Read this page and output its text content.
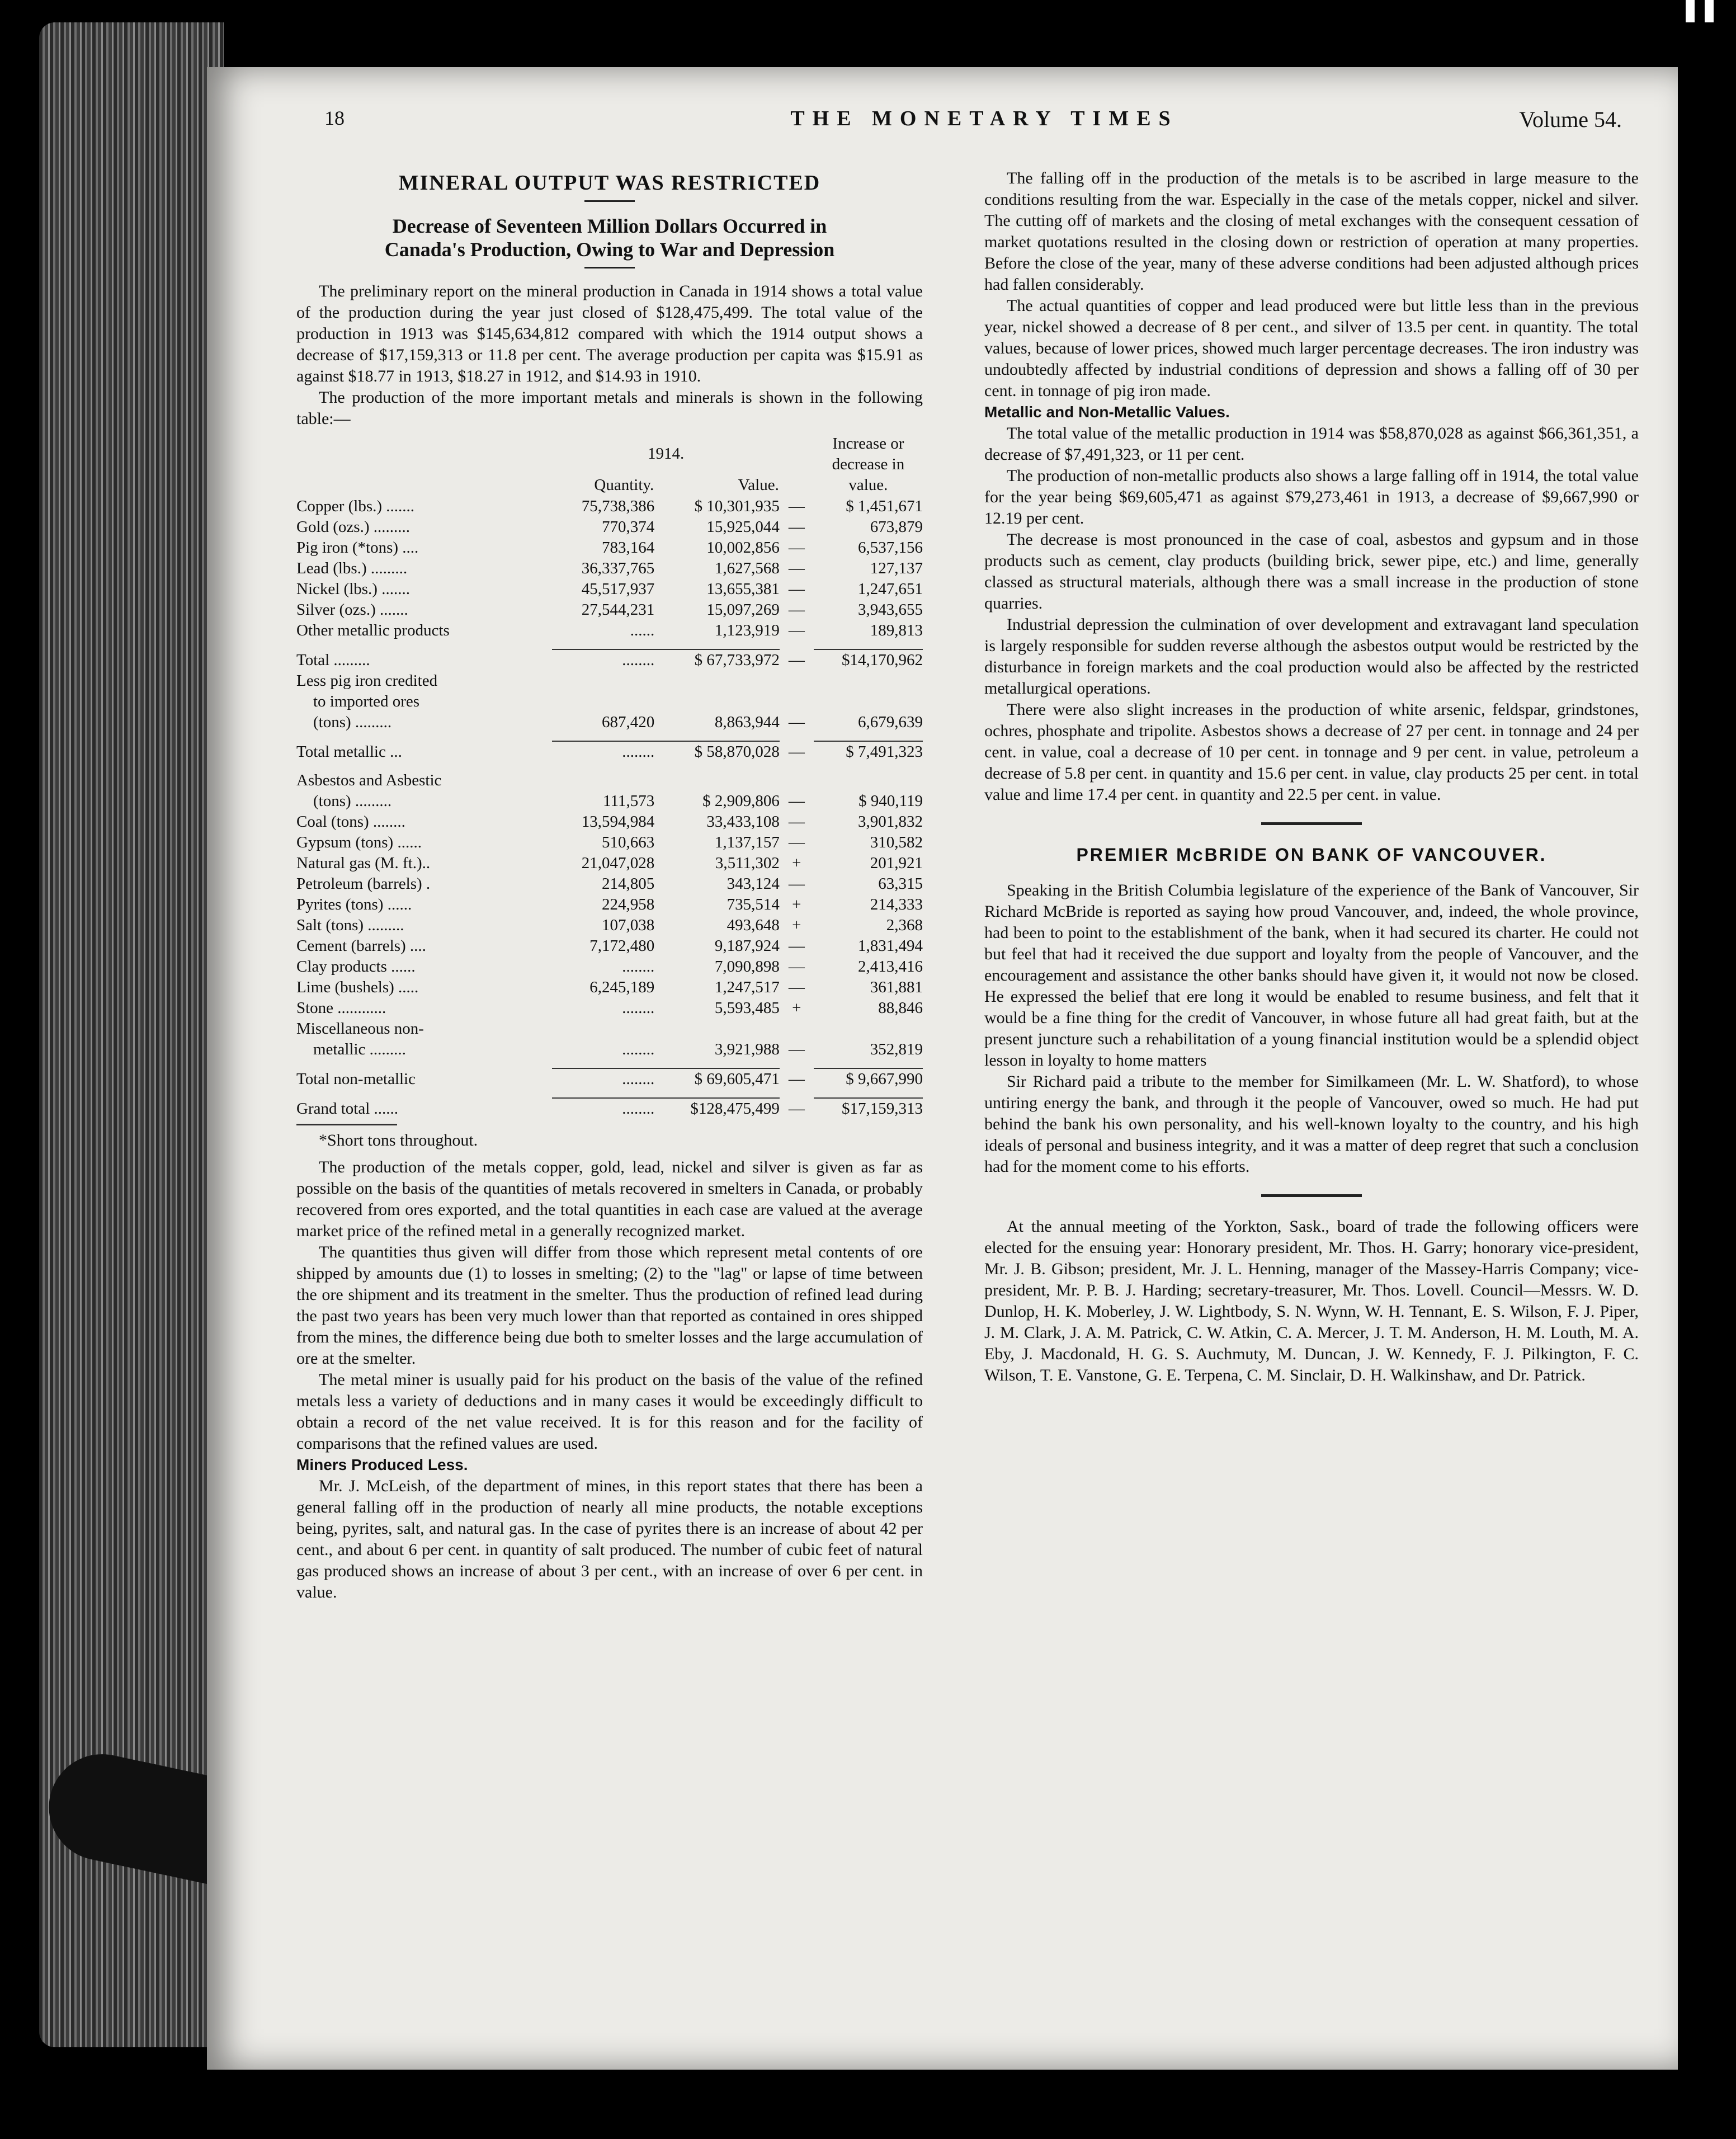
18	THE MONETARY TIMES	Volume 54.
MINERAL OUTPUT WAS RESTRICTED
Decrease of Seventeen Million Dollars Occurred in
Canada's Production, Owing to War and Depression

The preliminary report on the mineral production in Canada in 1914 shows a total value of the production during the year just closed of $128,475,499. The total value of the production in 1913 was $145,634,812 compared with which the 1914 output shows a decrease of $17,159,313 or 11.8 per cent. The average production per capita was $15.91 as against $18.77 in 1913, $18.27 in 1912, and $14.93 in 1910.

The production of the more important metals and minerals is shown in the following table:—

	1914.			Increase or decrease in value.
	Quantity.	Value.		
Copper (lbs.) .......	75,738,386	$ 10,301,935	—	$ 1,451,671
Gold (ozs.) .........	770,374	15,925,044	—	673,879
Pig iron (*tons) ....	783,164	10,002,856	—	6,537,156
Lead (lbs.) .........	36,337,765	1,627,568	—	127,137
Nickel (lbs.) .......	45,517,937	13,655,381	—	1,247,651
Silver (ozs.) .......	27,544,231	15,097,269	—	3,943,655
Other metallic products	......	1,123,919	—	189,813

Total .........	........	$ 67,733,972	—	$14,170,962
Less pig iron credited				
to imported ores				
(tons) .........	687,420	8,863,944	—	6,679,639

Total metallic ...	........	$ 58,870,028	—	$ 7,491,323

Asbestos and Asbestic				
(tons) .........	111,573	$ 2,909,806	—	$ 940,119
Coal (tons) ........	13,594,984	33,433,108	—	3,901,832
Gypsum (tons) ......	510,663	1,137,157	—	310,582
Natural gas (M. ft.)..	21,047,028	3,511,302	+	201,921
Petroleum (barrels) .	214,805	343,124	—	63,315
Pyrites (tons) ......	224,958	735,514	+	214,333
Salt (tons) .........	107,038	493,648	+	2,368
Cement (barrels) ....	7,172,480	9,187,924	—	1,831,494
Clay products ......	........	7,090,898	—	2,413,416
Lime (bushels) .....	6,245,189	1,247,517	—	361,881
Stone ............	........	5,593,485	+	88,846
Miscellaneous non-				
metallic .........	........	3,921,988	—	352,819

Total non-metallic	........	$ 69,605,471	—	$ 9,667,990

Grand total ......	........	$128,475,499	—	$17,159,313
*Short tons throughout.

The production of the metals copper, gold, lead, nickel and silver is given as far as possible on the basis of the quantities of metals recovered in smelters in Canada, or probably recovered from ores exported, and the total quantities in each case are valued at the average market price of the refined metal in a generally recognized market.

The quantities thus given will differ from those which represent metal contents of ore shipped by amounts due (1) to losses in smelting; (2) to the "lag" or lapse of time between the ore shipment and its treatment in the smelter. Thus the production of refined lead during the past two years has been very much lower than that reported as contained in ores shipped from the mines, the difference being due both to smelter losses and the large accumulation of ore at the smelter.

The metal miner is usually paid for his product on the basis of the value of the refined metals less a variety of deductions and in many cases it would be exceedingly difficult to obtain a record of the net value received. It is for this reason and for the facility of comparisons that the refined values are used.

Miners Produced Less.

Mr. J. McLeish, of the department of mines, in this report states that there has been a general falling off in the production of nearly all mine products, the notable exceptions being, pyrites, salt, and natural gas. In the case of pyrites there is an increase of about 42 per cent., and about 6 per cent. in quantity of salt produced. The number of cubic feet of natural gas produced shows an increase of about 3 per cent., with an increase of over 6 per cent. in value.

The falling off in the production of the metals is to be ascribed in large measure to the conditions resulting from the war. Especially in the case of the metals copper, nickel and silver. The cutting off of markets and the closing of metal exchanges with the consequent cessation of market quotations resulted in the closing down or restriction of operation at many properties. Before the close of the year, many of these adverse conditions had been adjusted although prices had fallen considerably.

The actual quantities of copper and lead produced were but little less than in the previous year, nickel showed a decrease of 8 per cent., and silver of 13.5 per cent. in quantity. The total values, because of lower prices, showed much larger percentage decreases. The iron industry was undoubtedly affected by industrial conditions of depression and shows a falling off of 30 per cent. in tonnage of pig iron made.

Metallic and Non-Metallic Values.

The total value of the metallic production in 1914 was $58,870,028 as against $66,361,351, a decrease of $7,491,323, or 11 per cent.

The production of non-metallic products also shows a large falling off in 1914, the total value for the year being $69,605,471 as against $79,273,461 in 1913, a decrease of $9,667,990 or 12.19 per cent.

The decrease is most pronounced in the case of coal, asbestos and gypsum and in those products such as cement, clay products (building brick, sewer pipe, etc.) and lime, generally classed as structural materials, although there was a small increase in the production of stone quarries.

Industrial depression the culmination of over development and extravagant land speculation is largely responsible for sudden reverse although the asbestos output would be restricted by the disturbance in foreign markets and the coal production would also be affected by the restricted metallurgical operations.

There were also slight increases in the production of white arsenic, feldspar, grindstones, ochres, phosphate and tripolite. Asbestos shows a decrease of 27 per cent. in tonnage and 24 per cent. in value, coal a decrease of 10 per cent. in tonnage and 9 per cent. in value, petroleum a decrease of 5.8 per cent. in quantity and 15.6 per cent. in value, clay products 25 per cent. in total value and lime 17.4 per cent. in quantity and 22.5 per cent. in value.

PREMIER McBRIDE ON BANK OF VANCOUVER.

Speaking in the British Columbia legislature of the experience of the Bank of Vancouver, Sir Richard McBride is reported as saying how proud Vancouver, and, indeed, the whole province, had been to point to the establishment of the bank, when it had secured its charter. He could not but feel that had it received the due support and loyalty from the people of Vancouver, and the encouragement and assistance the other banks should have given it, it would not now be closed. He expressed the belief that ere long it would be enabled to resume business, and felt that it would be a fine thing for the credit of Vancouver, in whose future all had great faith, but at the present juncture such a rehabilitation of a young financial institution would be a splendid object lesson in loyalty to home matters

Sir Richard paid a tribute to the member for Similkameen (Mr. L. W. Shatford), to whose untiring energy the bank, and through it the people of Vancouver, owed so much. He had put behind the bank his own personality, and his well-known loyalty to the country, and his high ideals of personal and business integrity, and it was a matter of deep regret that such a conclusion had for the moment come to his efforts.

At the annual meeting of the Yorkton, Sask., board of trade the following officers were elected for the ensuing year: Honorary president, Mr. Thos. H. Garry; honorary vice-president, Mr. J. B. Gibson; president, Mr. J. L. Henning, manager of the Massey-Harris Company; vice-president, Mr. P. B. J. Harding; secretary-treasurer, Mr. Thos. Lovell. Council—Messrs. W. D. Dunlop, H. K. Moberley, J. W. Lightbody, S. N. Wynn, W. H. Tennant, E. S. Wilson, F. J. Piper, J. M. Clark, J. A. M. Patrick, C. W. Atkin, C. A. Mercer, J. T. M. Anderson, H. M. Louth, M. A. Eby, J. Macdonald, H. G. S. Auchmuty, M. Duncan, J. W. Kennedy, F. J. Pilkington, F. C. Wilson, T. E. Vanstone, G. E. Terpena, C. M. Sinclair, D. H. Walkinshaw, and Dr. Patrick.
